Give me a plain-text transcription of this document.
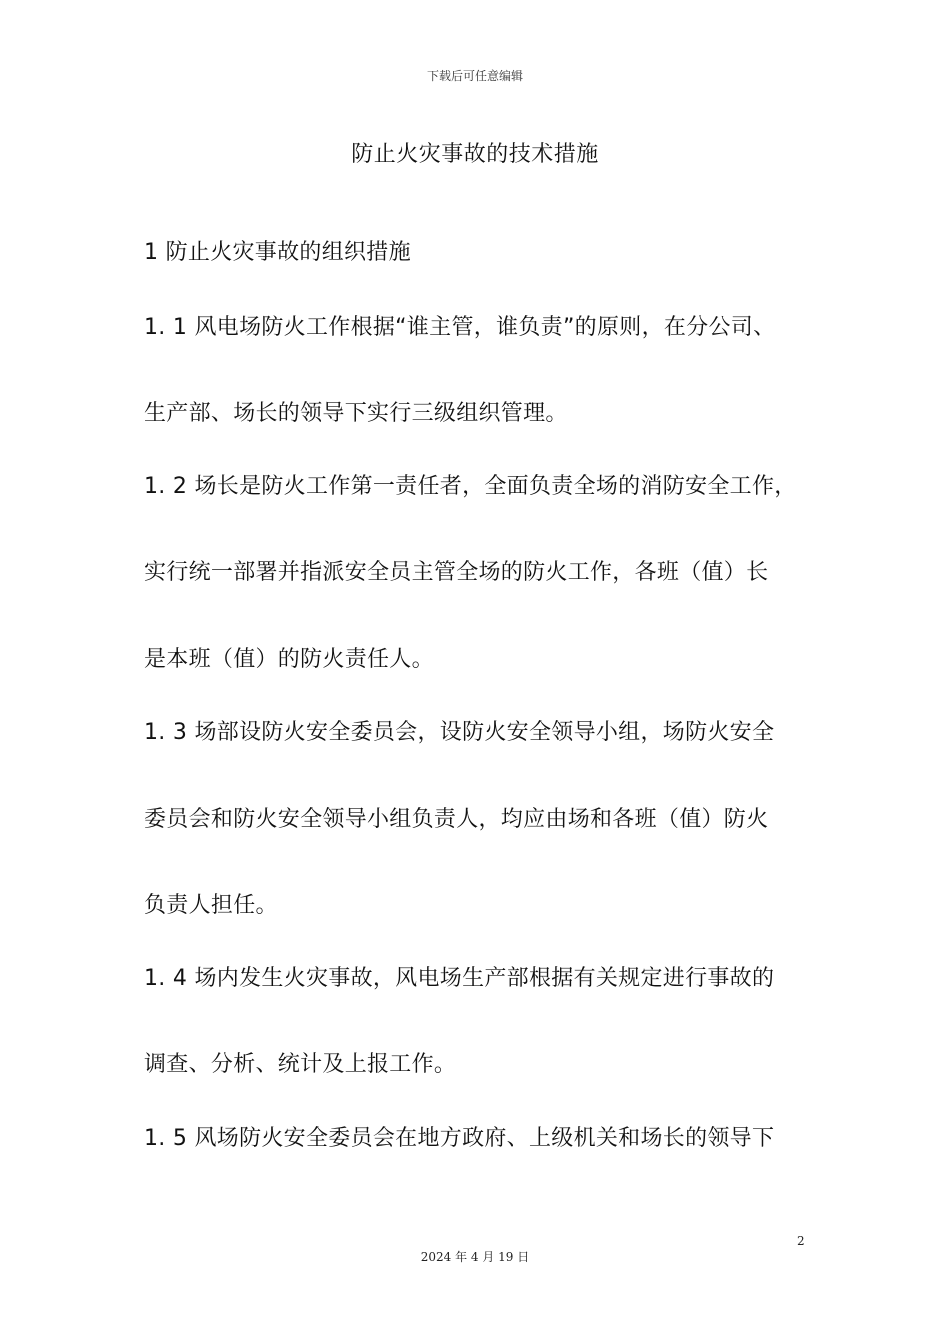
下载后可任意编辑
防止火灾事故的技术措施
1 防止火灾事故的组织措施
1. 1 风电场防火工作根据“谁主管，谁负责”的原则，在分公司、
生产部、场长的领导下实行三级组织管理。
1. 2 场长是防火工作第一责任者，全面负责全场的消防安全工作，
实行统一部署并指派安全员主管全场的防火工作，各班（值）长
是本班（值）的防火责任人。
1. 3 场部设防火安全委员会，设防火安全领导小组，场防火安全
委员会和防火安全领导小组负责人，均应由场和各班（值）防火
负责人担任。
1. 4 场内发生火灾事故，风电场生产部根据有关规定进行事故的
调查、分析、统计及上报工作。
1. 5 风场防火安全委员会在地方政府、上级机关和场长的领导下
2
2024 年 4 月 19 日
